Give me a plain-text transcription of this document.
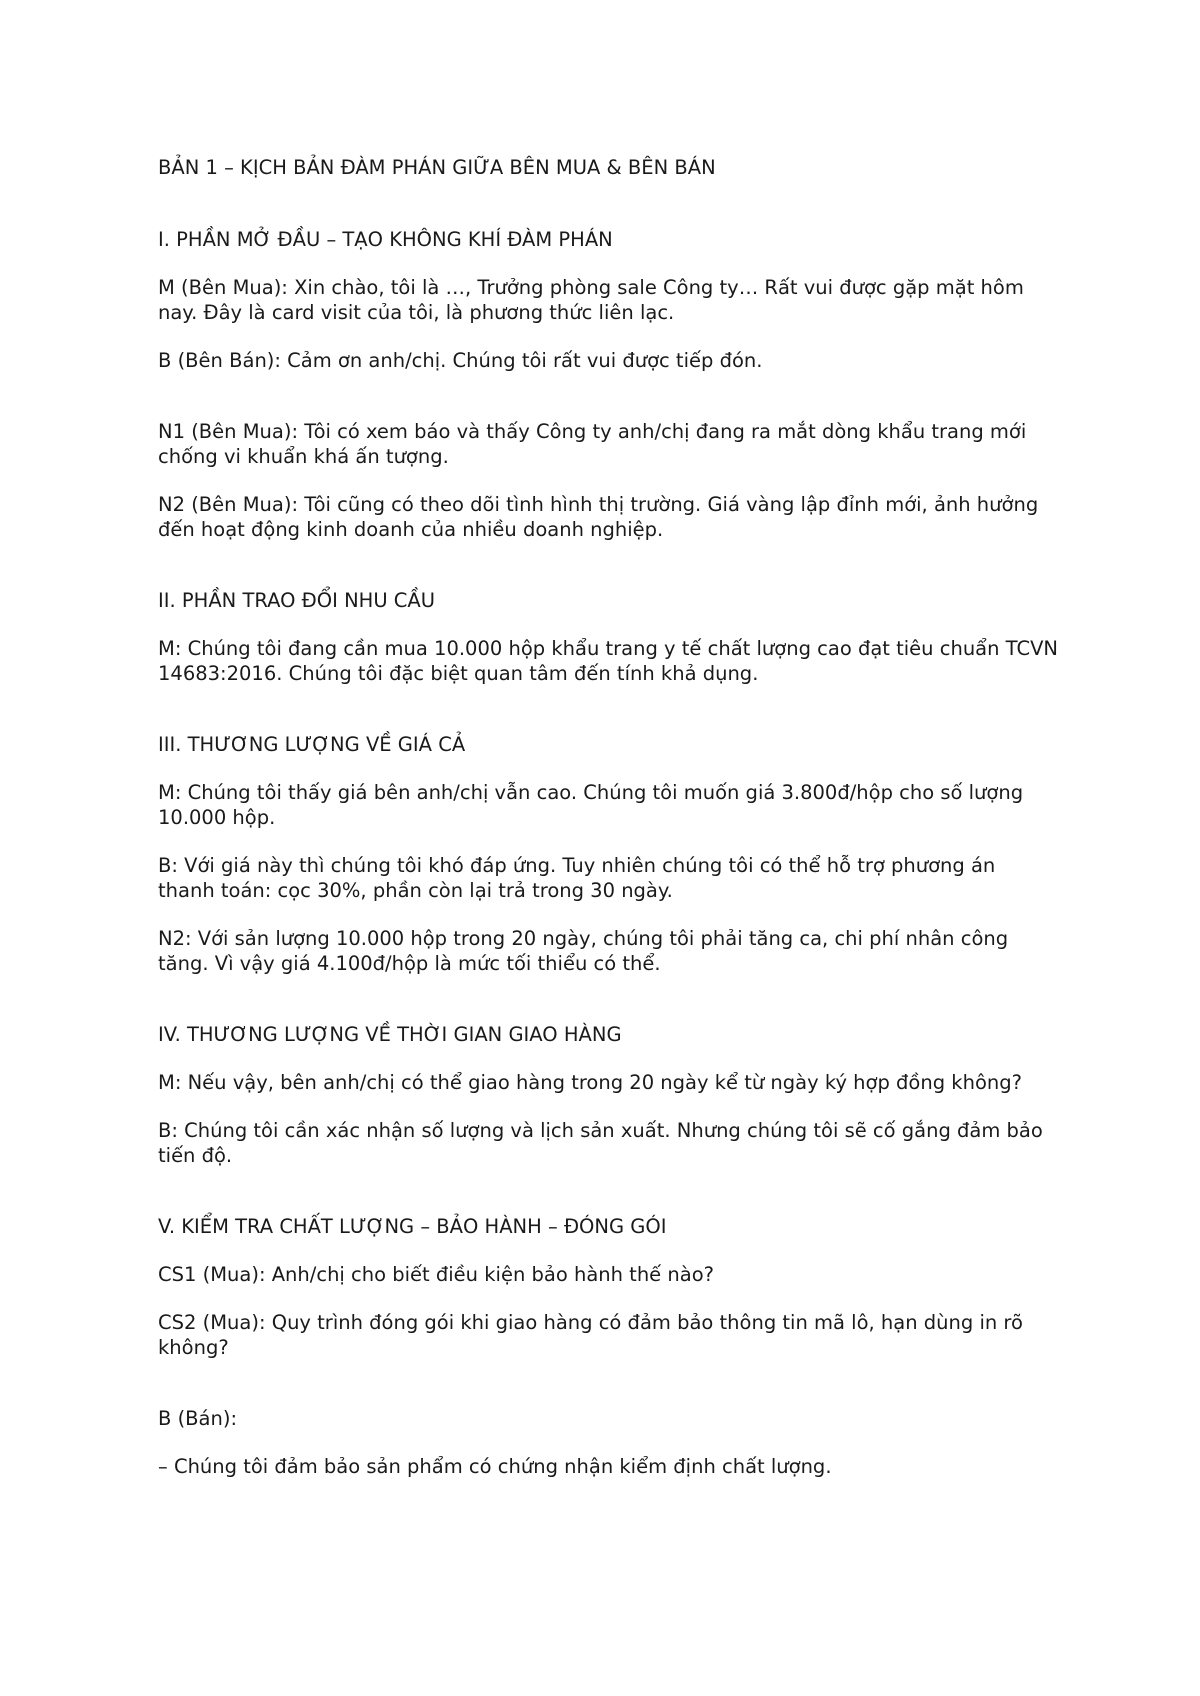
BẢN 1 – KỊCH BẢN ĐÀM PHÁN GIỮA BÊN MUA & BÊN BÁN
I. PHẦN MỞ ĐẦU – TẠO KHÔNG KHÍ ĐÀM PHÁN

M (Bên Mua): Xin chào, tôi là …, Trưởng phòng sale Công ty… Rất vui được gặp mặt hôm nay. Đây là card visit của tôi, là phương thức liên lạc.

B (Bên Bán): Cảm ơn anh/chị. Chúng tôi rất vui được tiếp đón.

N1 (Bên Mua): Tôi có xem báo và thấy Công ty anh/chị đang ra mắt dòng khẩu trang mới chống vi khuẩn khá ấn tượng.

N2 (Bên Mua): Tôi cũng có theo dõi tình hình thị trường. Giá vàng lập đỉnh mới, ảnh hưởng đến hoạt động kinh doanh của nhiều doanh nghiệp.

II. PHẦN TRAO ĐỔI NHU CẦU

M: Chúng tôi đang cần mua 10.000 hộp khẩu trang y tế chất lượng cao đạt tiêu chuẩn TCVN 14683:2016. Chúng tôi đặc biệt quan tâm đến tính khả dụng.

III. THƯƠNG LƯỢNG VỀ GIÁ CẢ

M: Chúng tôi thấy giá bên anh/chị vẫn cao. Chúng tôi muốn giá 3.800đ/hộp cho số lượng 10.000 hộp.

B: Với giá này thì chúng tôi khó đáp ứng. Tuy nhiên chúng tôi có thể hỗ trợ phương án thanh toán: cọc 30%, phần còn lại trả trong 30 ngày.

N2: Với sản lượng 10.000 hộp trong 20 ngày, chúng tôi phải tăng ca, chi phí nhân công tăng. Vì vậy giá 4.100đ/hộp là mức tối thiểu có thể.

IV. THƯƠNG LƯỢNG VỀ THỜI GIAN GIAO HÀNG

M: Nếu vậy, bên anh/chị có thể giao hàng trong 20 ngày kể từ ngày ký hợp đồng không?

B: Chúng tôi cần xác nhận số lượng và lịch sản xuất. Nhưng chúng tôi sẽ cố gắng đảm bảo tiến độ.

V. KIỂM TRA CHẤT LƯỢNG – BẢO HÀNH – ĐÓNG GÓI

CS1 (Mua): Anh/chị cho biết điều kiện bảo hành thế nào?

CS2 (Mua): Quy trình đóng gói khi giao hàng có đảm bảo thông tin mã lô, hạn dùng in rõ không?

B (Bán):

– Chúng tôi đảm bảo sản phẩm có chứng nhận kiểm định chất lượng.
